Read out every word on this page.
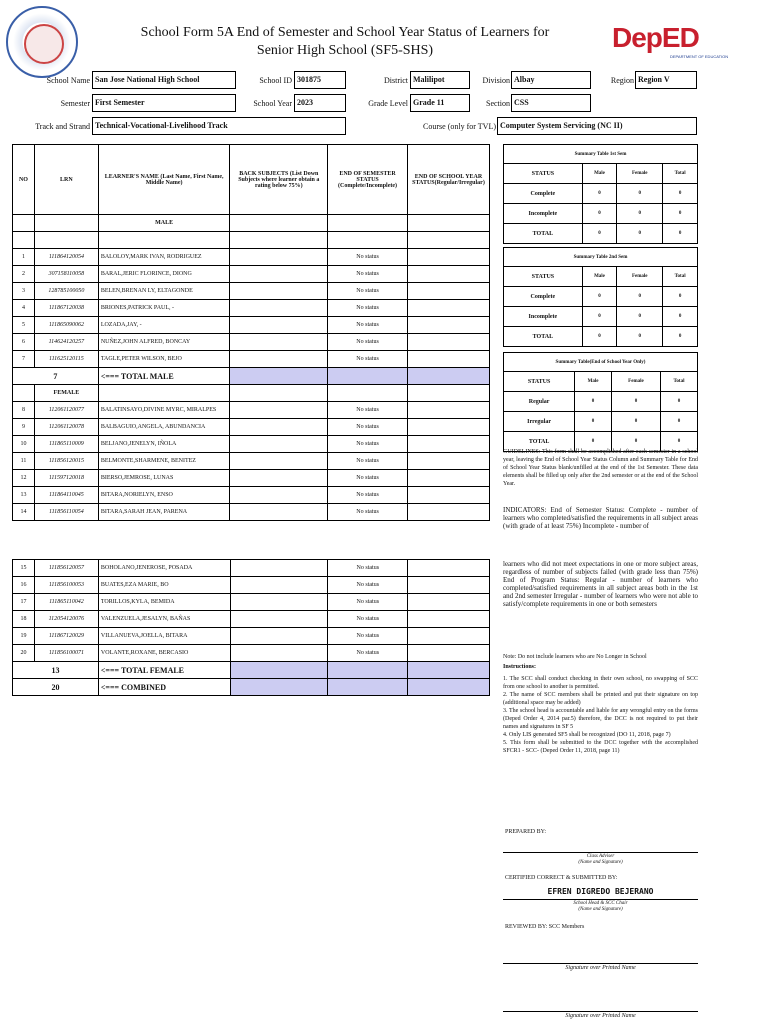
School Form 5A End of Semester and School Year Status of Learners for
Senior High School (SF5-SHS)	DepED
DEPARTMENT OF EDUCATION
School Name San Jose National High School	School ID 301875	District Malilipot	Division Albay	Region Region V
Semester First Semester	School Year 2023	Grade Level Grade 11	Section CSS
Track and Strand Technical-Vocational-Livelihood Track	Course (only for TVL) Computer System Servicing (NC II)
NO	LRN	LEARNER'S NAME (Last Name, First Name, Middle Name)	BACK SUBJECTS (List Down Subjects where learner obtain a rating below 75%)	END OF SEMESTER STATUS (Complete/Incomplete)	END OF SCHOOL YEAR STATUS(Regular/Irregular)
		MALE			

1	111864120054	BALOLOY,MARK IVAN, RODRIGUEZ		No status	
2	307158110058	BARAL,JERIC FLORINCE, DIONG		No status	
3	128785100050	BELEN,BRENAN LY, ELTAGONDE		No status	
4	111867120038	BRIONES,PATRICK PAUL, -		No status	
5	111865090062	LOZADA,JAY, -		No status	
6	114624120257	NUÑEZ,JOHN ALFRED, BONCAY		No status	
7	111625120115	TAGLE,PETER WILSON, BEJO		No status	
7		<=== TOTAL MALE			
	FEMALE				
8	112061120077	BALATINSAYO,DIVINE MYRC, MIRALPES		No status	
9	112061120078	BALBAGUIO,ANGELA, ABUNDANCIA		No status	
10	111865110009	BELJANO,JENELYN, IÑOLA		No status	
11	111856120015	BELMONTE,SHARMENE, BENITEZ		No status	
12	111597120018	BIERSO,JEMROSE, LUNAS		No status	
13	111864110045	BITARA,NORIELYN, ENSO		No status	
14	111856110054	BITARA,SARAH JEAN, PARENA		No status	
15	111856120057	BOHOLANO,JENEROSE, POSADA		No status	
16	111856100053	BUATES,EZA MARIE, BO		No status	
17	111865110042	TORILLOS,KYLA, BEMIDA		No status	
18	112054120076	VALENZUELA,JESALYN, BAÑAS		No status	
19	111867120029	VILLANUEVA,JOELLA, BITARA		No status	
20	111856100071	VOLANTE,ROXANE, BERCASIO		No status	
13		<=== TOTAL FEMALE			
20		<=== COMBINED			
Summary Table 1st Sem			
STATUS	Male	Female	Total
Complete	0	0	0
Incomplete	0	0	0
TOTAL	0	0	0
Summary Table 2nd Sem			
STATUS	Male	Female	Total
Complete	0	0	0
Incomplete	0	0	0
TOTAL	0	0	0
Summary Table(End of School Year Only)			
STATUS	Male	Female	Total
Regular	0	0	0
Irregular	0	0	0
TOTAL	0	0	0
GUIDELINES: This form shall be accomplished after each semester in a school year, leaving the End of School Year Status Column and Summary Table for End of School Year Status blank/unfilled at the end of the 1st Semester. These data elements shall be filled up only after the 2nd semester or at the end of the School Year.
INDICATORS: End of Semester Status: Complete - number of learners who completed/satisfied the requirements in all subject areas (with grade of at least 75%) Incomplete - number of
learners who did not meet expectations in one or more subject areas, regardless of number of subjects failed (with grade less than 75%) End of Program Status: Regular - number of learners who completed/satisfied requirements in all subject areas both in the 1st and 2nd semester Irregular - number of learners who were not able to satisfy/complete requirements in one or both semesters
Note: Do not include learners who are No Longer in School
Instructions:
1. The SCC shall conduct checking in their own school, no swapping of SCC from one school to another is permitted.
2. The name of SCC members shall be printed and put their signature on top (additional space may be added)
3. The school head is accountable and liable for any wrongful entry on the forms (Deped Order 4, 2014 par.5) therefore, the DCC is not required to put their names and signatures in SF 5
4. Only LIS generated SF5 shall be recognized (DO 11, 2018, page 7)
5. This form shall be submitted to the DCC together with the accomplished SFCR1 - SCC- (Deped Order 11, 2018, page 11)
PREPARED BY:
Class Adviser
(Name and Signature)
CERTIFIED CORRECT & SUBMITTED BY:
EFREN DIGREDO BEJERANO
School Head & SCC Chair
(Name and Signature)
REVIEWED BY: SCC Members
Signature over Printed Name
Signature over Printed Name
